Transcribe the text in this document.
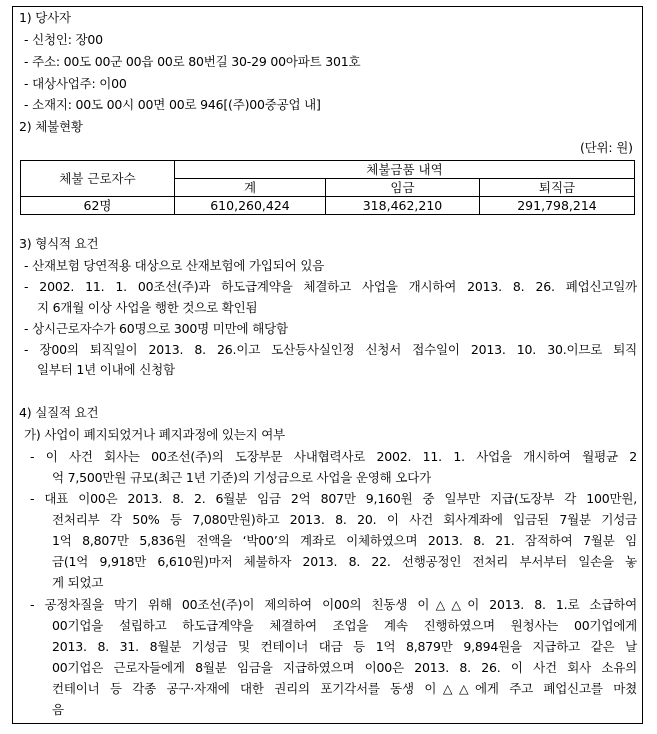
1) 당사자
- 신청인: 장00
- 주소: 00도 00군 00읍 00로 80번길 30-29 00아파트 301호
- 대상사업주: 이00
- 소재지: 00도 00시 00면 00로 946[(주)00중공업 내]
2) 체불현황
(단위: 원)
체불 근로자수	체불금품 내역		
	계	임금	퇴직금
62명	610,260,424	318,462,210	291,798,214
3) 형식적 요건
- 산재보험 당연적용 대상으로 산재보험에 가입되어 있음
- 2002. 11. 1. 00조선(주)과 하도급계약을 체결하고 사업을 개시하여 2013. 8. 26. 폐업신고일까
지 6개월 이상 사업을 행한 것으로 확인됨
- 상시근로자수가 60명으로 300명 미만에 해당함
- 장00의 퇴직일이 2013. 8. 26.이고 도산등사실인정 신청서 접수일이 2013. 10. 30.이므로 퇴직
일부터 1년 이내에 신청함
4) 실질적 요건
가) 사업이 폐지되었거나 폐지과정에 있는지 여부
- 이 사건 회사는 00조선(주)의 도장부문 사내협력사로 2002. 11. 1. 사업을 개시하여 월평균 2
억 7,500만원 규모(최근 1년 기준)의 기성금으로 사업을 운영해 오다가
- 대표 이00은 2013. 8. 2. 6월분 임금 2억 807만 9,160원 중 일부만 지급(도장부 각 100만원,
전처리부 각 50% 등 7,080만원)하고 2013. 8. 20. 이 사건 회사계좌에 입금된 7월분 기성금
1억 8,807만 5,836원 전액을 ‘박00’의 계좌로 이체하였으며 2013. 8. 21. 잠적하여 7월분 임
금(1억 9,918만 6,610원)마저 체불하자 2013. 8. 22. 선행공정인 전처리 부서부터 일손을 놓
게 되었고
- 공정차질을 막기 위해 00조선(주)이 제의하여 이00의 친동생 이△△이 2013. 8. 1.로 소급하여
00기업을 설립하고 하도급계약을 체결하여 조업을 계속 진행하였으며 원청사는 00기업에게
2013. 8. 31. 8월분 기성금 및 컨테이너 대금 등 1억 8,879만 9,894원을 지급하고 같은 날
00기업은 근로자들에게 8월분 임금을 지급하였으며 이00은 2013. 8. 26. 이 사건 회사 소유의
컨테이너 등 각종 공구·자재에 대한 권리의 포기각서를 동생 이△△에게 주고 폐업신고를 마쳤
음
